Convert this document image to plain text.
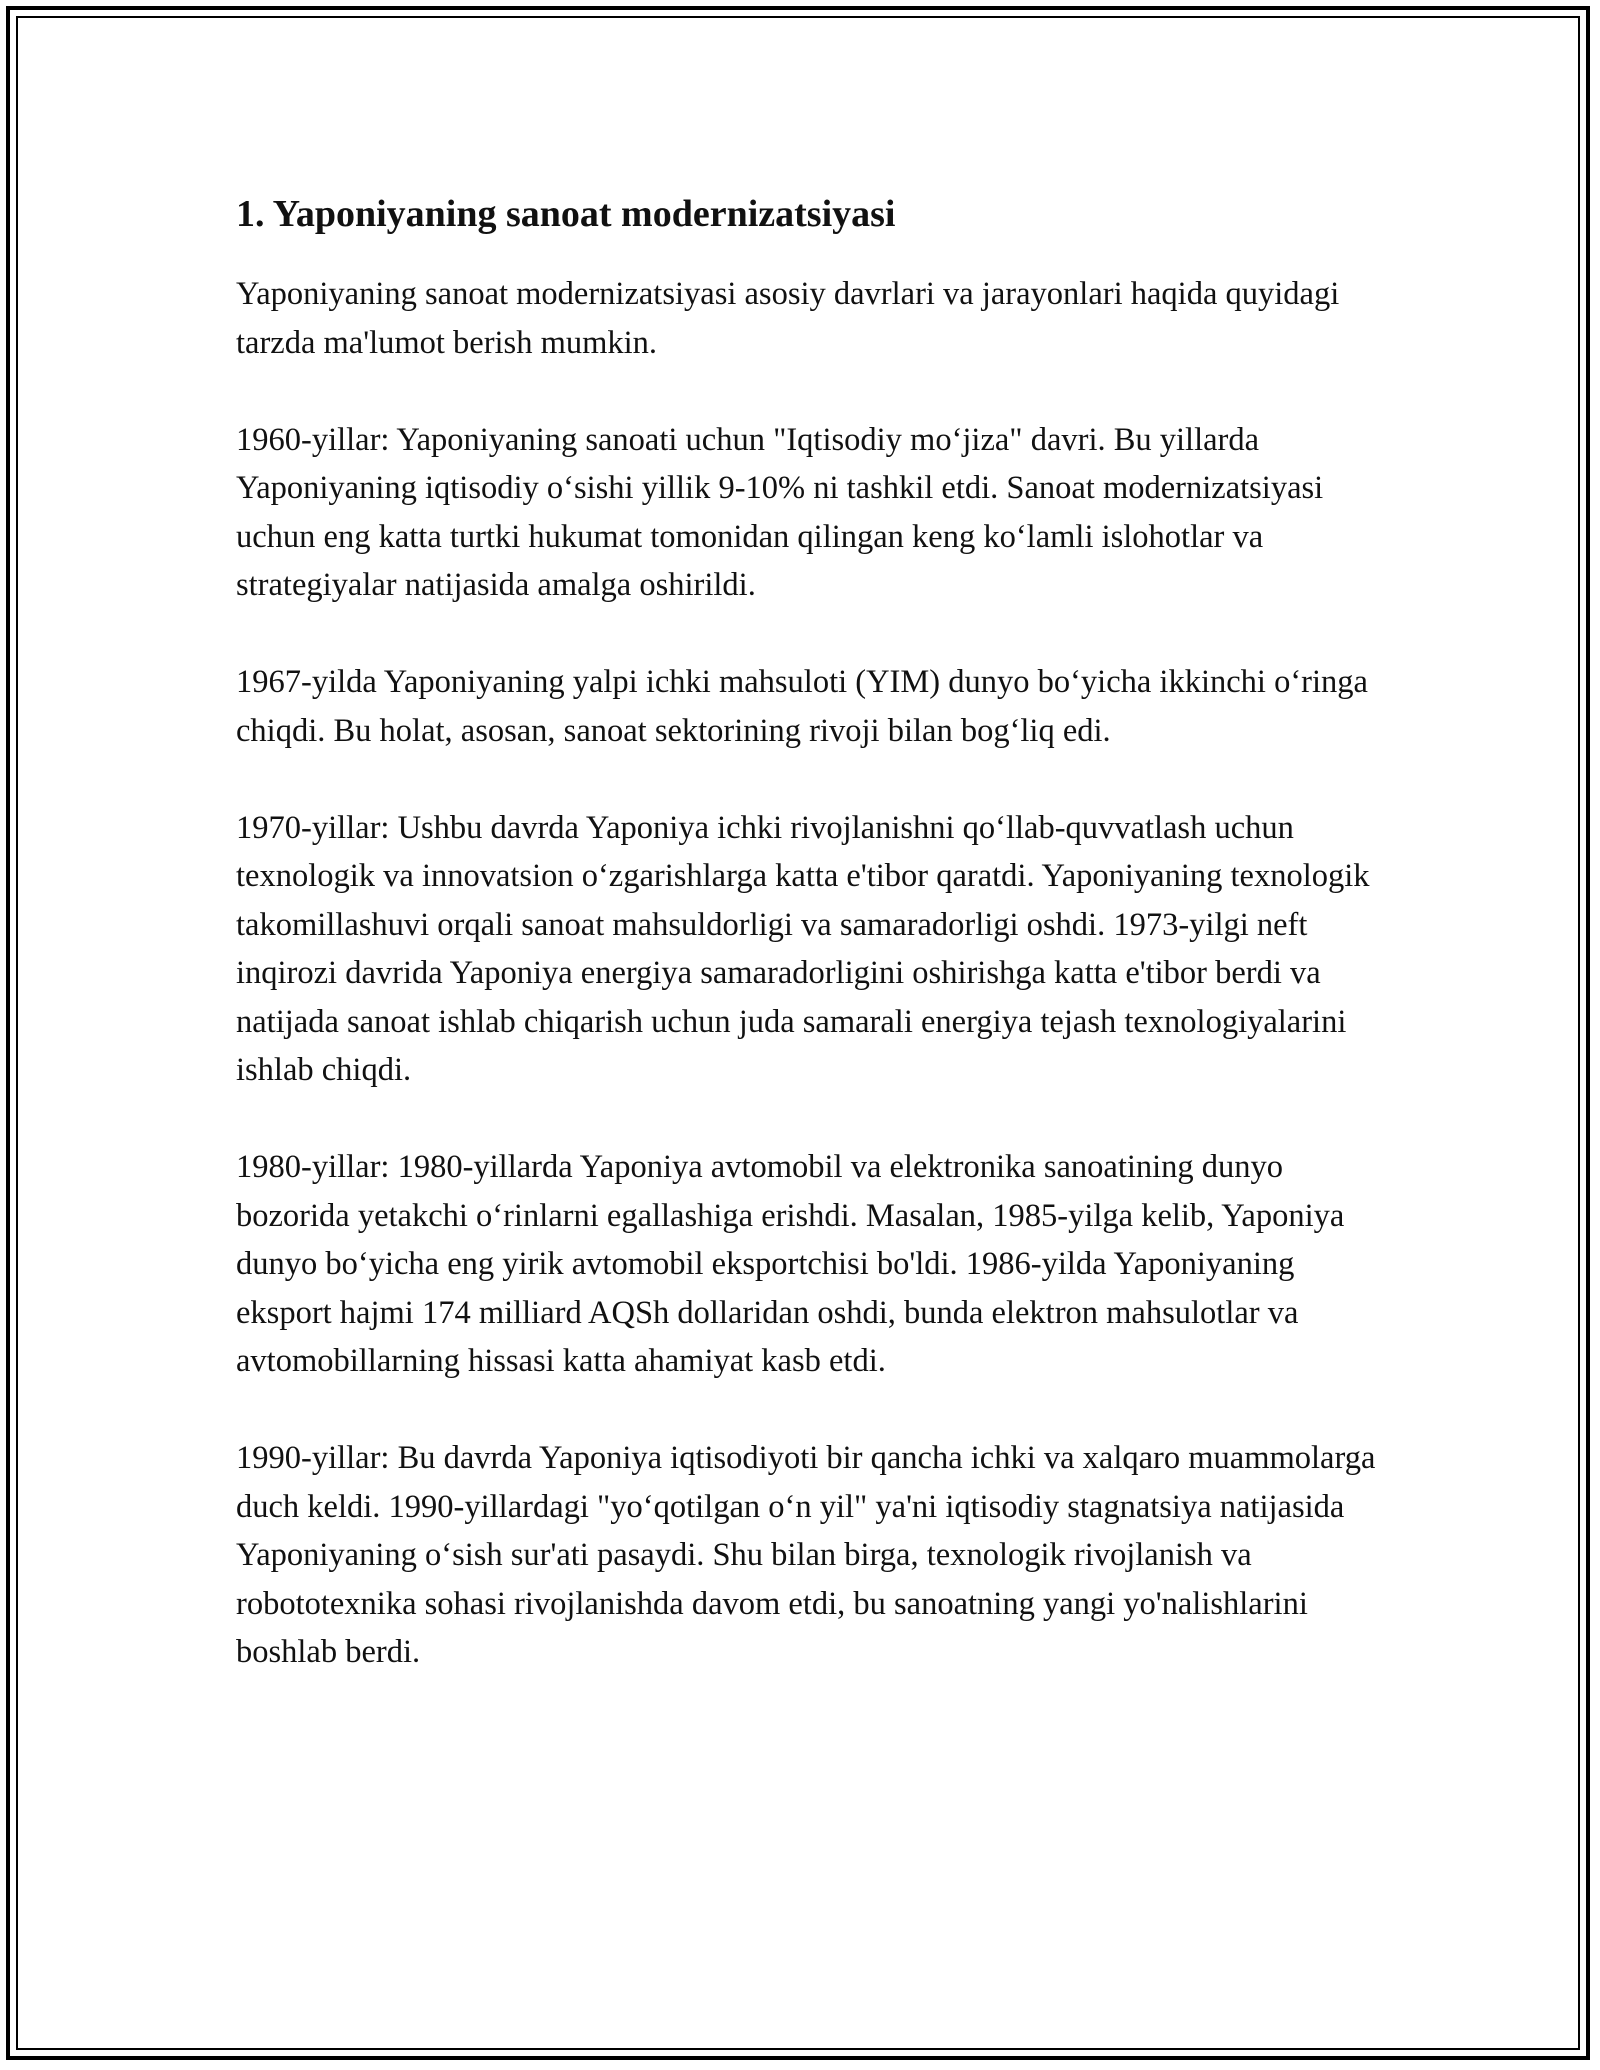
1. Yaponiyaning sanoat modernizatsiyasi

Yaponiyaning sanoat modernizatsiyasi asosiy davrlari va jarayonlari haqida quyidagi tarzda ma'lumot berish mumkin.

1960-yillar: Yaponiyaning sanoati uchun "Iqtisodiy mo‘jiza" davri. Bu yillarda Yaponiyaning iqtisodiy o‘sishi yillik 9-10% ni tashkil etdi. Sanoat modernizatsiyasi uchun eng katta turtki hukumat tomonidan qilingan keng ko‘lamli islohotlar va strategiyalar natijasida amalga oshirildi.

1967-yilda Yaponiyaning yalpi ichki mahsuloti (YIM) dunyo bo‘yicha ikkinchi o‘ringa chiqdi. Bu holat, asosan, sanoat sektorining rivoji bilan bog‘liq edi.

1970-yillar: Ushbu davrda Yaponiya ichki rivojlanishni qo‘llab-quvvatlash uchun texnologik va innovatsion o‘zgarishlarga katta e'tibor qaratdi. Yaponiyaning texnologik takomillashuvi orqali sanoat mahsuldorligi va samaradorligi oshdi. 1973-yilgi neft inqirozi davrida Yaponiya energiya samaradorligini oshirishga katta e'tibor berdi va natijada sanoat ishlab chiqarish uchun juda samarali energiya tejash texnologiyalarini ishlab chiqdi.

1980-yillar: 1980-yillarda Yaponiya avtomobil va elektronika sanoatining dunyo bozorida yetakchi o‘rinlarni egallashiga erishdi. Masalan, 1985-yilga kelib, Yaponiya dunyo bo‘yicha eng yirik avtomobil eksportchisi bo'ldi. 1986-yilda Yaponiyaning eksport hajmi 174 milliard AQSh dollaridan oshdi, bunda elektron mahsulotlar va avtomobillarning hissasi katta ahamiyat kasb etdi.

1990-yillar: Bu davrda Yaponiya iqtisodiyoti bir qancha ichki va xalqaro muammolarga duch keldi. 1990-yillardagi "yo‘qotilgan o‘n yil" ya'ni iqtisodiy stagnatsiya natijasida Yaponiyaning o‘sish sur'ati pasaydi. Shu bilan birga, texnologik rivojlanish va robototexnika sohasi rivojlanishda davom etdi, bu sanoatning yangi yo'nalishlarini boshlab berdi.
